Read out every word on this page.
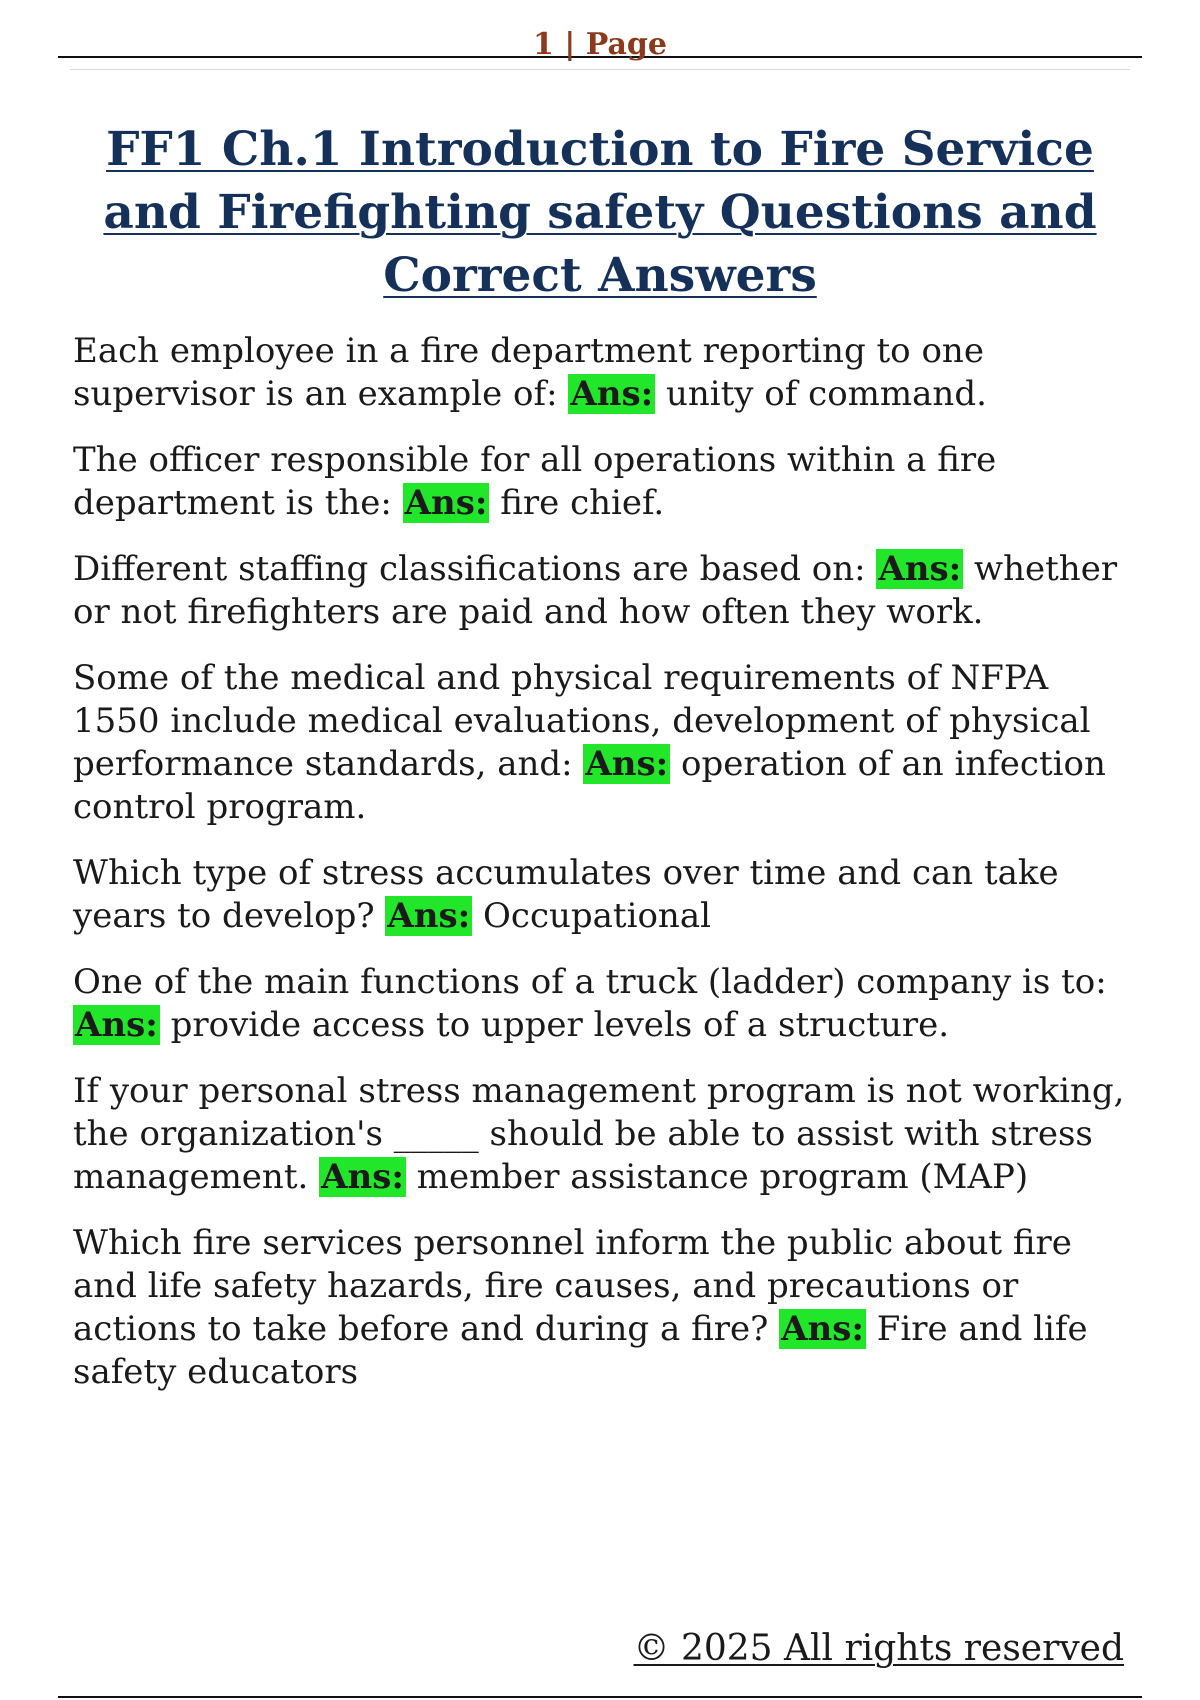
1 | Page
FF1 Ch.1 Introduction to Fire Service and Firefighting safety Questions and Correct Answers

Each employee in a fire department reporting to one supervisor is an example of: Ans: unity of command.

The officer responsible for all operations within a fire department is the: Ans: fire chief.

Different staffing classifications are based on: Ans: whether or not firefighters are paid and how often they work.

Some of the medical and physical requirements of NFPA 1550 include medical evaluations, development of physical performance standards, and: Ans: operation of an infection control program.

Which type of stress accumulates over time and can take years to develop? Ans: Occupational

One of the main functions of a truck (ladder) company is to: Ans: provide access to upper levels of a structure.

If your personal stress management program is not working, the organization's _____ should be able to assist with stress management. Ans: member assistance program (MAP)

Which fire services personnel inform the public about fire and life safety hazards, fire causes, and precautions or actions to take before and during a fire? Ans: Fire and life safety educators

© 2025 All rights reserved
